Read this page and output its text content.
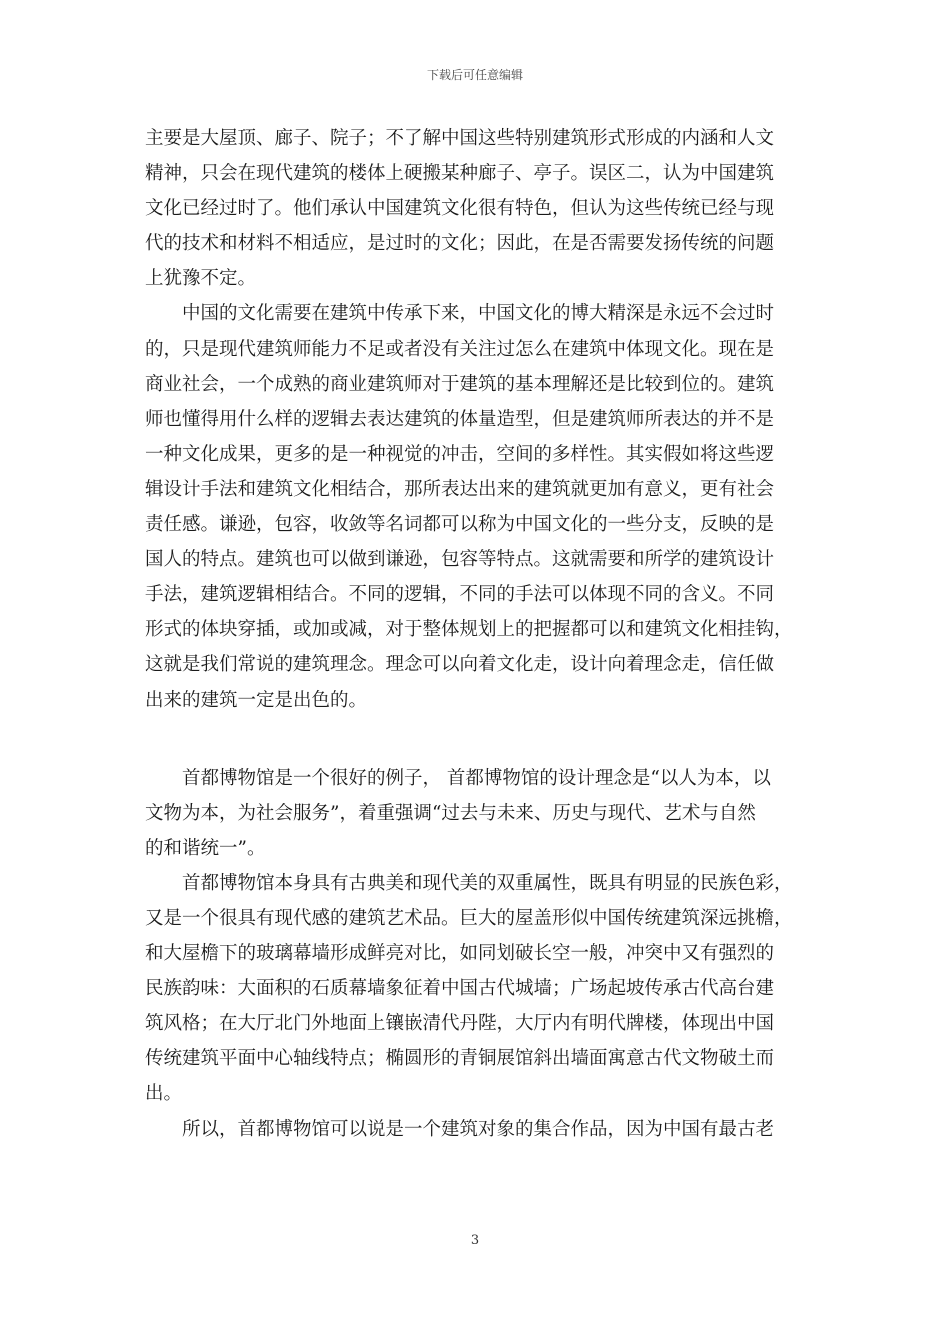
下载后可任意编辑
主要是大屋顶、廊子、院子；不了解中国这些特别建筑形式形成的内涵和人文
精神，只会在现代建筑的楼体上硬搬某种廊子、亭子。误区二，认为中国建筑
文化已经过时了。他们承认中国建筑文化很有特色，但认为这些传统已经与现
代的技术和材料不相适应，是过时的文化；因此，在是否需要发扬传统的问题
上犹豫不定。
中国的文化需要在建筑中传承下来，中国文化的博大精深是永远不会过时
的，只是现代建筑师能力不足或者没有关注过怎么在建筑中体现文化。现在是
商业社会，一个成熟的商业建筑师对于建筑的基本理解还是比较到位的。建筑
师也懂得用什么样的逻辑去表达建筑的体量造型，但是建筑师所表达的并不是
一种文化成果，更多的是一种视觉的冲击，空间的多样性。其实假如将这些逻
辑设计手法和建筑文化相结合，那所表达出来的建筑就更加有意义，更有社会
责任感。谦逊，包容，收敛等名词都可以称为中国文化的一些分支，反映的是
国人的特点。建筑也可以做到谦逊，包容等特点。这就需要和所学的建筑设计
手法，建筑逻辑相结合。不同的逻辑，不同的手法可以体现不同的含义。不同
形式的体块穿插，或加或减，对于整体规划上的把握都可以和建筑文化相挂钩，
这就是我们常说的建筑理念。理念可以向着文化走，设计向着理念走，信任做
出来的建筑一定是出色的。
首都博物馆是一个很好的例子， 首都博物馆的设计理念是“以人为本，以
文物为本，为社会服务”，着重强调“过去与未来、历史与现代、艺术与自然
的和谐统一”。
首都博物馆本身具有古典美和现代美的双重属性，既具有明显的民族色彩，
又是一个很具有现代感的建筑艺术品。巨大的屋盖形似中国传统建筑深远挑檐，
和大屋檐下的玻璃幕墙形成鲜亮对比，如同划破长空一般，冲突中又有强烈的
民族韵味：大面积的石质幕墙象征着中国古代城墙；广场起坡传承古代高台建
筑风格；在大厅北门外地面上镶嵌清代丹陛，大厅内有明代牌楼，体现出中国
传统建筑平面中心轴线特点；椭圆形的青铜展馆斜出墙面寓意古代文物破土而
出。
所以，首都博物馆可以说是一个建筑对象的集合作品，因为中国有最古老
3
